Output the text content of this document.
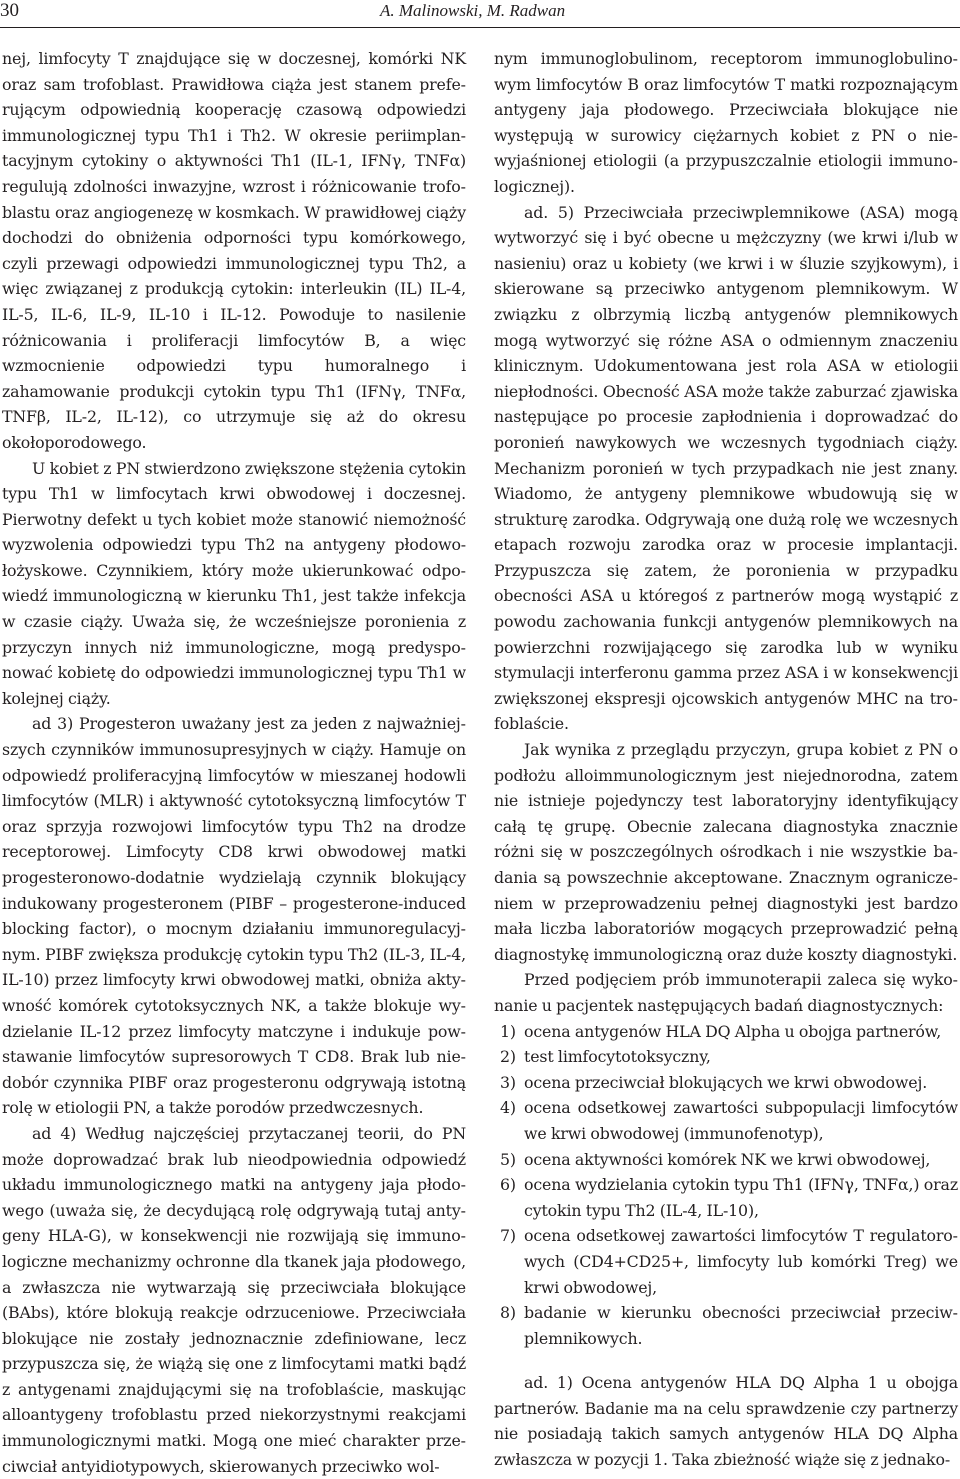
30	A. Malinowski, M. Radwan

nej, limfocyty T znajdujące się w doczesnej, komórki NK oraz sam trofoblast. Prawidłowa ciąża jest stanem preferującym odpowiednią kooperację czasową odpowiedzi immunologicznej typu Th1 i Th2. W okresie periimplantacyjnym cytokiny o aktywności Th1 (IL-1, IFNγ, TNFα) regulują zdolności inwazyjne, wzrost i różnicowanie trofoblastu oraz angiogenezę w kosmkach. W prawidłowej ciąży dochodzi do obniżenia odporności typu komórkowego, czyli przewagi odpowiedzi immunologicznej typu Th2, a więc związanej z produkcją cytokin: interleukin (IL) IL-4, IL-5, IL-6, IL-9, IL-10 i IL-12. Powoduje to nasilenie różnicowania i proliferacji limfocytów B, a więc wzmocnienie odpowiedzi typu humoralnego i zahamowanie produkcji cytokin typu Th1 (IFNγ, TNFα, TNFβ, IL-2, IL-12), co utrzymuje się aż do okresu okołoporodowego.

U kobiet z PN stwierdzono zwiększone stężenia cytokin typu Th1 w limfocytach krwi obwodowej i doczesnej. Pierwotny defekt u tych kobiet może stanowić niemożność wyzwolenia odpowiedzi typu Th2 na antygeny płodowo-łożyskowe. Czynnikiem, który może ukierunkować odpowiedź immunologiczną w kierunku Th1, jest także infekcja w czasie ciąży. Uważa się, że wcześniejsze poronienia z przyczyn innych niż immunologiczne, mogą predysponować kobietę do odpowiedzi immunologicznej typu Th1 w kolejnej ciąży.

ad 3) Progesteron uważany jest za jeden z najważniejszych czynników immunosupresyjnych w ciąży. Hamuje on odpowiedź proliferacyjną limfocytów w mieszanej hodowli limfocytów (MLR) i aktywność cytotoksyczną limfocytów T oraz sprzyja rozwojowi limfocytów typu Th2 na drodze receptorowej. Limfocyty CD8 krwi obwodowej matki progesteronowo-dodatnie wydzielają czynnik blokujący indukowany progesteronem (PIBF – progesterone-induced blocking factor), o mocnym działaniu immunoregulacyjnym. PIBF zwiększa produkcję cytokin typu Th2 (IL-3, IL-4, IL-10) przez limfocyty krwi obwodowej matki, obniża aktywność komórek cytotoksycznych NK, a także blokuje wydzielanie IL-12 przez limfocyty matczyne i indukuje powstawanie limfocytów supresorowych T CD8. Brak lub niedobór czynnika PIBF oraz progesteronu odgrywają istotną rolę w etiologii PN, a także porodów przedwczesnych.

ad 4) Według najczęściej przytaczanej teorii, do PN może doprowadzać brak lub nieodpowiednia odpowiedź układu immunologicznego matki na antygeny jaja płodowego (uważa się, że decydującą rolę odgrywają tutaj antygeny HLA-G), w konsekwencji nie rozwijają się immunologiczne mechanizmy ochronne dla tkanek jaja płodowego, a zwłaszcza nie wytwarzają się przeciwciała blokujące (BAbs), które blokują reakcje odrzuceniowe. Przeciwciała blokujące nie zostały jednoznacznie zdefiniowane, lecz przypuszcza się, że wiążą się one z limfocytami matki bądź z antygenami znajdującymi się na trofoblaście, maskując alloantygeny trofoblastu przed niekorzystnymi reakcjami immunologicznymi matki. Mogą one mieć charakter przeciwciał antyidiotypowych, skierowanych przeciwko wol-

nym immunoglobulinom, receptorom immunoglobulinowym limfocytów B oraz limfocytów T matki rozpoznającym antygeny jaja płodowego. Przeciwciała blokujące nie występują w surowicy ciężarnych kobiet z PN o niewyjaśnionej etiologii (a przypuszczalnie etiologii immunologicznej).

ad. 5) Przeciwciała przeciwplemnikowe (ASA) mogą wytworzyć się i być obecne u mężczyzny (we krwi i/lub w nasieniu) oraz u kobiety (we krwi i w śluzie szyjkowym), i skierowane są przeciwko antygenom plemnikowym. W związku z olbrzymią liczbą antygenów plemnikowych mogą wytworzyć się różne ASA o odmiennym znaczeniu klinicznym. Udokumentowana jest rola ASA w etiologii niepłodności. Obecność ASA może także zaburzać zjawiska następujące po procesie zapłodnienia i doprowadzać do poronień nawykowych we wczesnych tygodniach ciąży. Mechanizm poronień w tych przypadkach nie jest znany. Wiadomo, że antygeny plemnikowe wbudowują się w strukturę zarodka. Odgrywają one dużą rolę we wczesnych etapach rozwoju zarodka oraz w procesie implantacji. Przypuszcza się zatem, że poronienia w przypadku obecności ASA u któregoś z partnerów mogą wystąpić z powodu zachowania funkcji antygenów plemnikowych na powierzchni rozwijającego się zarodka lub w wyniku stymulacji interferonu gamma przez ASA i w konsekwencji zwiększonej ekspresji ojcowskich antygenów MHC na trofoblaście.

Jak wynika z przeglądu przyczyn, grupa kobiet z PN o podłożu alloimmunologicznym jest niejednorodna, zatem nie istnieje pojedynczy test laboratoryjny identyfikujący całą tę grupę. Obecnie zalecana diagnostyka znacznie różni się w poszczególnych ośrodkach i nie wszystkie badania są powszechnie akceptowane. Znacznym ograniczeniem w przeprowadzeniu pełnej diagnostyki jest bardzo mała liczba laboratoriów mogących przeprowadzić pełną diagnostykę immunologiczną oraz duże koszty diagnostyki.

Przed podjęciem prób immunoterapii zaleca się wykonanie u pacjentek następujących badań diagnostycznych:

1) ocena antygenów HLA DQ Alpha u obojga partnerów,
2) test limfocytotoksyczny,
3) ocena przeciwciał blokujących we krwi obwodowej.
4) ocena odsetkowej zawartości subpopulacji limfocytów we krwi obwodowej (immunofenotyp),
5) ocena aktywności komórek NK we krwi obwodowej,
6) ocena wydzielania cytokin typu Th1 (IFNγ, TNFα,) oraz cytokin typu Th2 (IL-4, IL-10),
7) ocena odsetkowej zawartości limfocytów T regulatorowych (CD4+CD25+, limfocyty lub komórki Treg) we krwi obwodowej,
8) badanie w kierunku obecności przeciwciał przeciwplemnikowych.

ad. 1) Ocena antygenów HLA DQ Alpha 1 u obojga partnerów. Badanie ma na celu sprawdzenie czy partnerzy nie posiadają takich samych antygenów HLA DQ Alpha zwłaszcza w pozycji 1. Taka zbieżność wiąże się z jednako-
